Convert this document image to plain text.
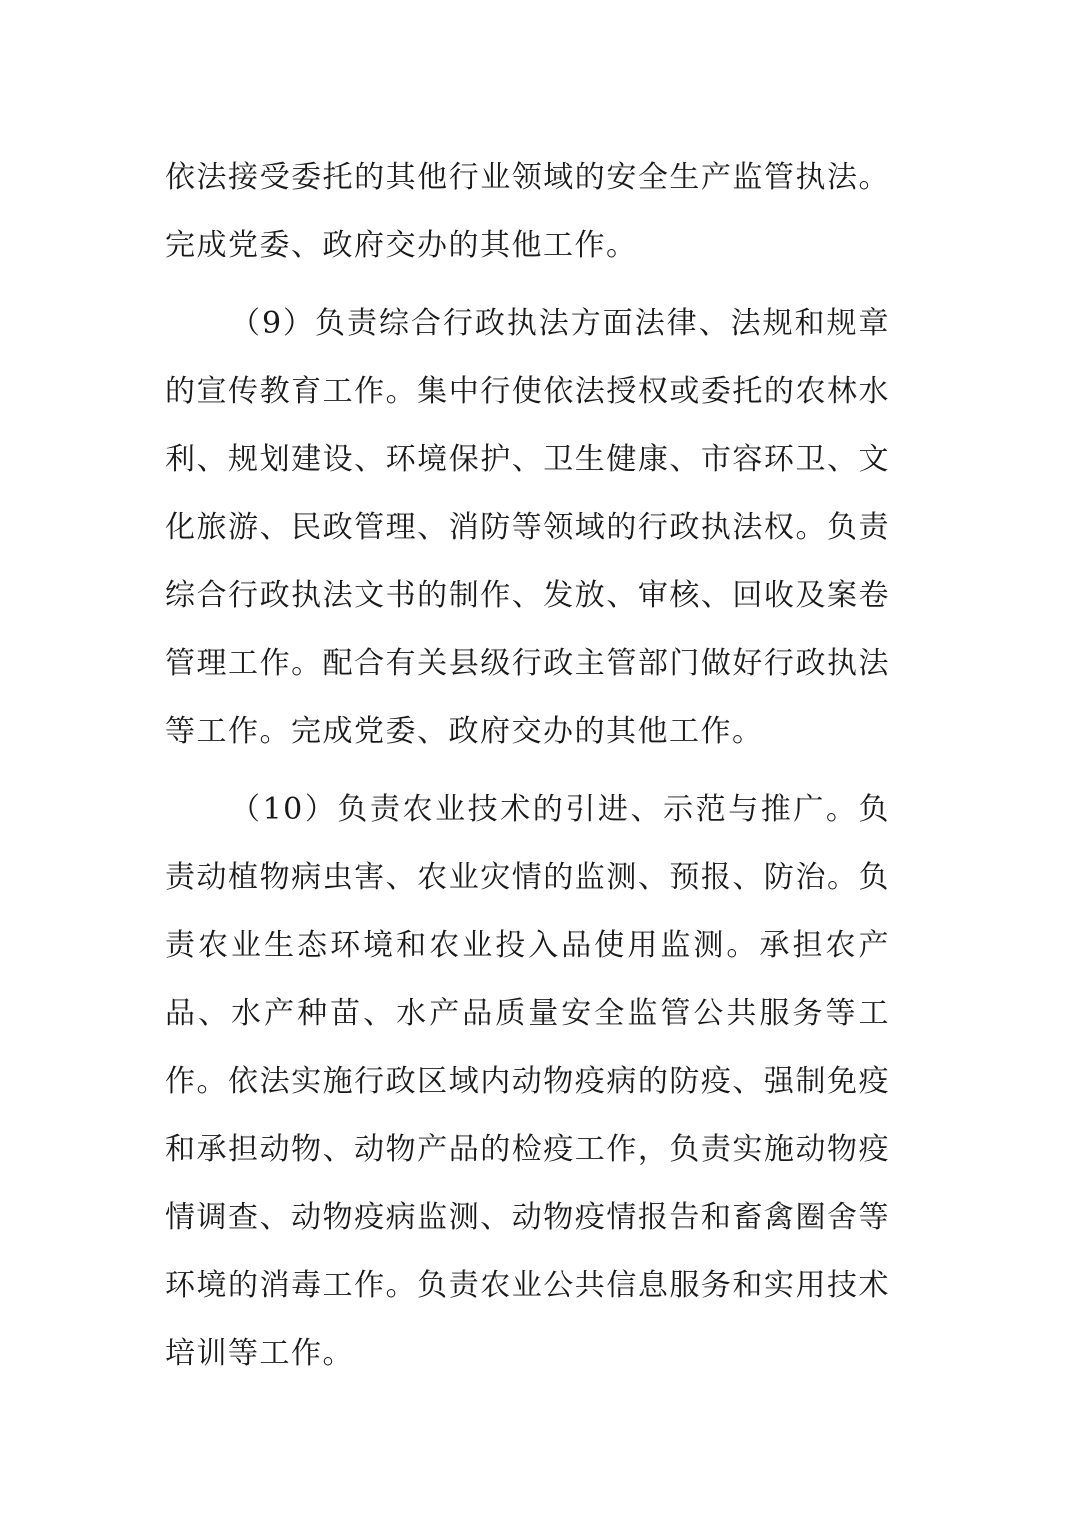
依法接受委托的其他行业领域的安全生产监管执法。完成党委、政府交办的其他工作。

（9）负责综合行政执法方面法律、法规和规章的宣传教育工作。集中行使依法授权或委托的农林水利、规划建设、环境保护、卫生健康、市容环卫、文化旅游、民政管理、消防等领域的行政执法权。负责综合行政执法文书的制作、发放、审核、回收及案卷管理工作。配合有关县级行政主管部门做好行政执法等工作。完成党委、政府交办的其他工作。

（10）负责农业技术的引进、示范与推广。负责动植物病虫害、农业灾情的监测、预报、防治。负责农业生态环境和农业投入品使用监测。承担农产品、水产种苗、水产品质量安全监管公共服务等工作。依法实施行政区域内动物疫病的防疫、强制免疫和承担动物、动物产品的检疫工作，负责实施动物疫情调查、动物疫病监测、动物疫情报告和畜禽圈舍等环境的消毒工作。负责农业公共信息服务和实用技术培训等工作。
